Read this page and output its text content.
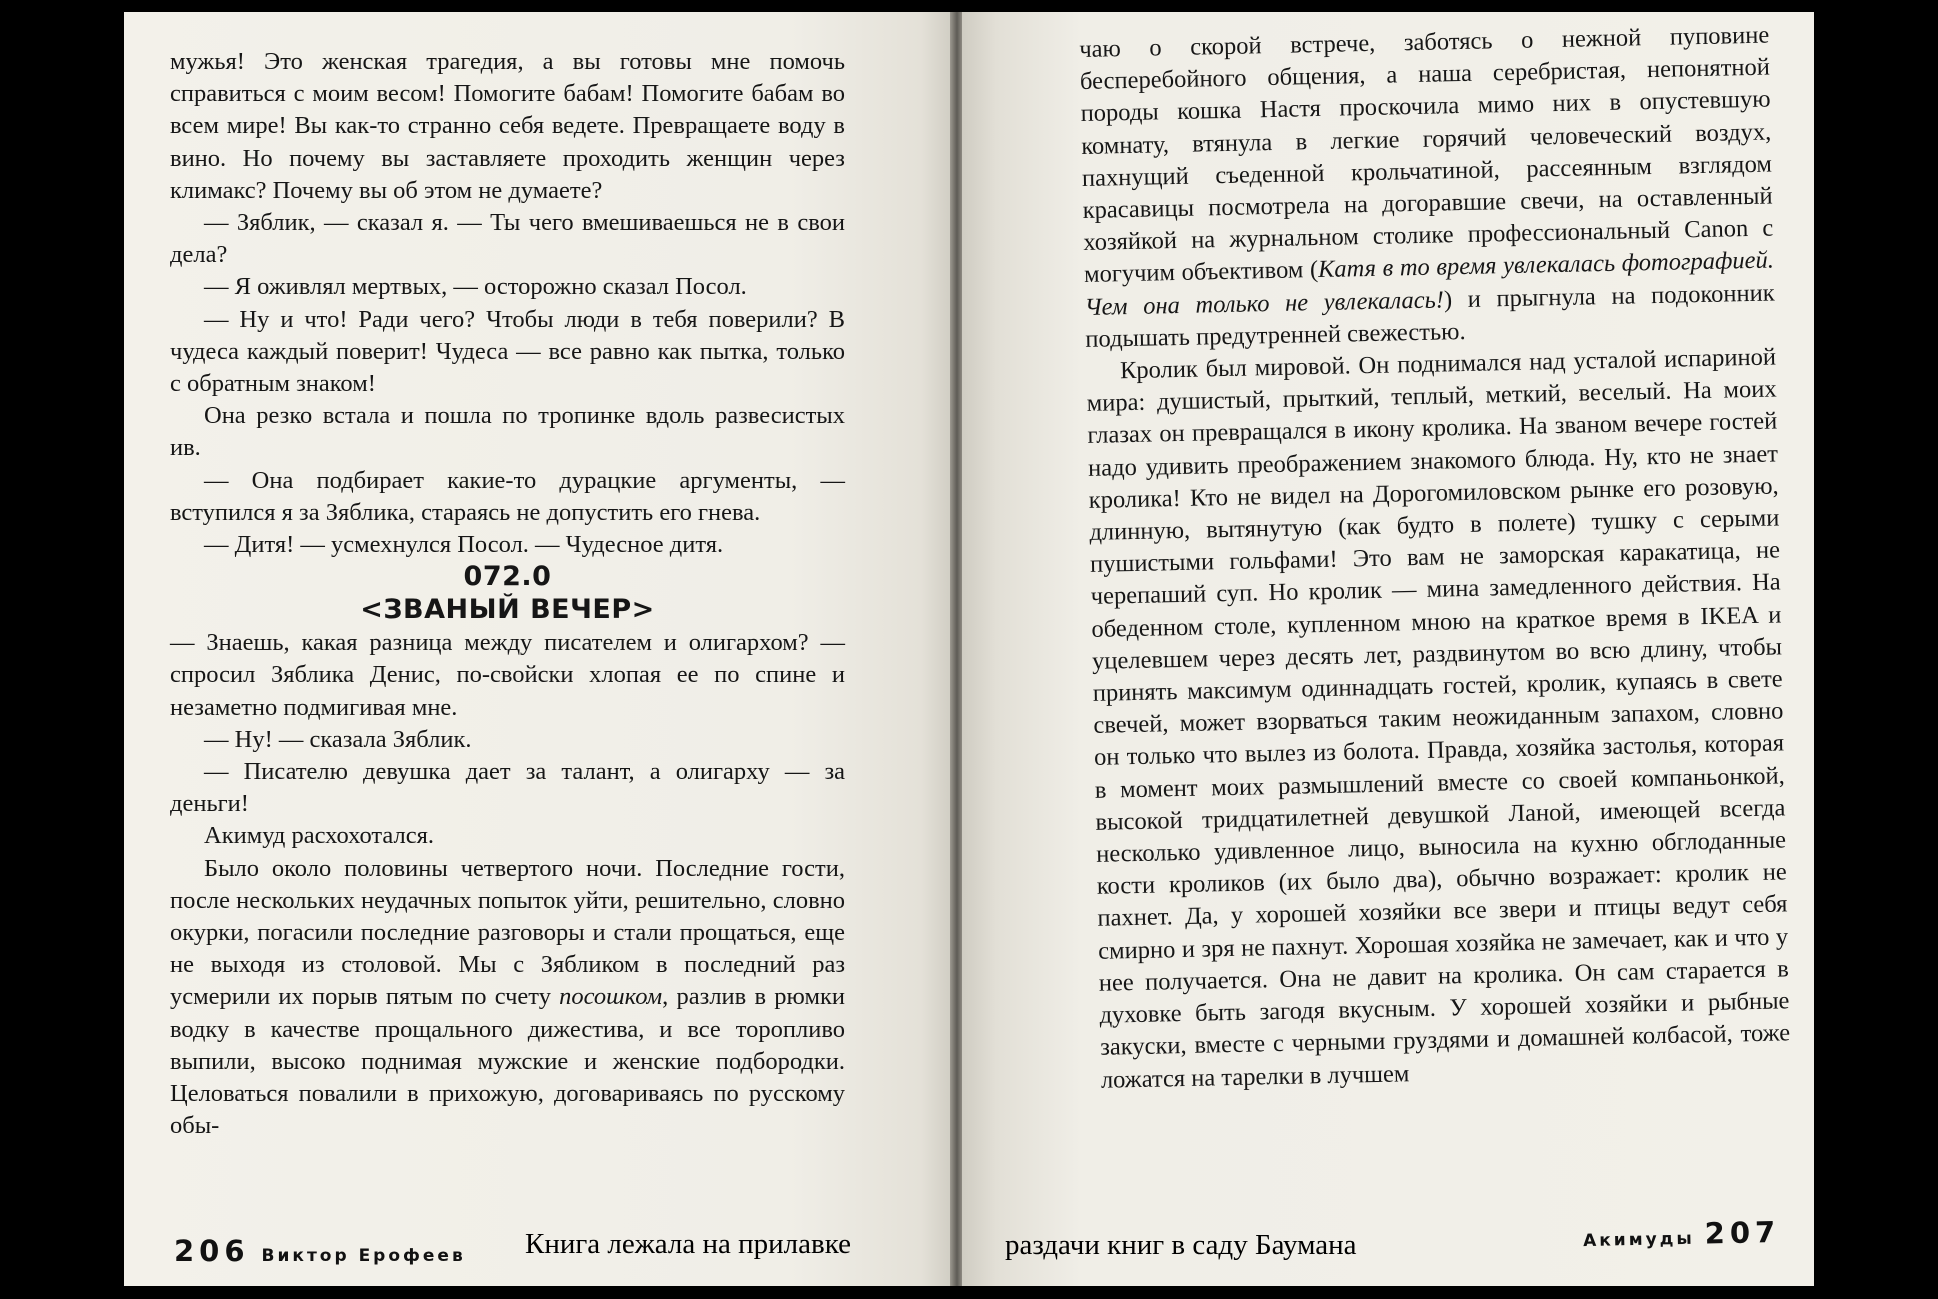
мужья! Это женская трагедия, а вы готовы мне помочь справиться с моим весом! Помогите бабам! Помогите бабам во всем мире! Вы как-то странно себя ведете. Превращаете воду в вино. Но почему вы заставляете проходить женщин через климакс? Почему вы об этом не думаете?

— Зяблик, — сказал я. — Ты чего вмешиваешься не в свои дела?

— Я оживлял мертвых, — осторожно сказал Посол.

— Ну и что! Ради чего? Чтобы люди в тебя поверили? В чудеса каждый поверит! Чудеса — все равно как пытка, только с обратным знаком!

Она резко встала и пошла по тропинке вдоль развесистых ив.

— Она подбирает какие-то дурацкие аргументы, — вступился я за Зяблика, стараясь не допустить его гнева.

— Дитя! — усмехнулся Посол. — Чудесное дитя.

072.0

<ЗВАНЫЙ ВЕЧЕР>

— Знаешь, какая разница между писателем и олигархом? — спросил Зяблика Денис, по-свойски хлопая ее по спине и незаметно подмигивая мне.

— Ну! — сказала Зяблик.

— Писателю девушка дает за талант, а олигарху — за деньги!

Акимуд расхохотался.

Было около половины четвертого ночи. Последние гости, после нескольких неудачных попыток уйти, решительно, словно окурки, погасили последние разговоры и стали прощаться, еще не выходя из столовой. Мы с Зябликом в последний раз усмерили их порыв пятым по счету посошком, разлив в рюмки водку в качестве прощального дижестива, и все торопливо выпили, высоко поднимая мужские и женские подбородки. Целоваться повалили в прихожую, договариваясь по русскому обы-

206 Виктор Ерофеев

чаю о скорой встрече, заботясь о нежной пуповине бесперебойного общения, а наша серебристая, непонятной породы кошка Настя проскочила мимо них в опустевшую комнату, втянула в легкие горячий человеческий воздух, пахнущий съеденной крольчатиной, рассеянным взглядом красавицы посмотрела на догоравшие свечи, на оставленный хозяйкой на журнальном столике профессиональный Canon с могучим объективом (Катя в то время увлекалась фотографией. Чем она только не увлекалась!) и прыгнула на подоконник подышать предутренней свежестью.

Кролик был мировой. Он поднимался над усталой испариной мира: душистый, прыткий, теплый, меткий, веселый. На моих глазах он превращался в икону кролика. На званом вечере гостей надо удивить преображением знакомого блюда. Ну, кто не знает кролика! Кто не видел на Дорогомиловском рынке его розовую, длинную, вытянутую (как будто в полете) тушку с серыми пушистыми гольфами! Это вам не заморская каракатица, не черепаший суп. Но кролик — мина замедленного действия. На обеденном столе, купленном мною на краткое время в IKEA и уцелевшем через десять лет, раздвинутом во всю длину, чтобы принять максимум одиннадцать гостей, кролик, купаясь в свете свечей, может взорваться таким неожиданным запахом, словно он только что вылез из болота. Правда, хозяйка застолья, которая в момент моих размышлений вместе со своей компаньонкой, высокой тридцатилетней девушкой Ланой, имеющей всегда несколько удивленное лицо, выносила на кухню обглоданные кости кроликов (их было два), обычно возражает: кролик не пахнет. Да, у хорошей хозяйки все звери и птицы ведут себя смирно и зря не пахнут. Хорошая хозяйка не замечает, как и что у нее получается. Она не давит на кролика. Он сам старается в духовке быть загодя вкусным. У хорошей хозяйки и рыбные закуски, вместе с черными груздями и домашней колбасой, тоже ложатся на тарелки в лучшем

Акимуды 207
Книга лежала на прилавке	раздачи книг в саду Баумана
